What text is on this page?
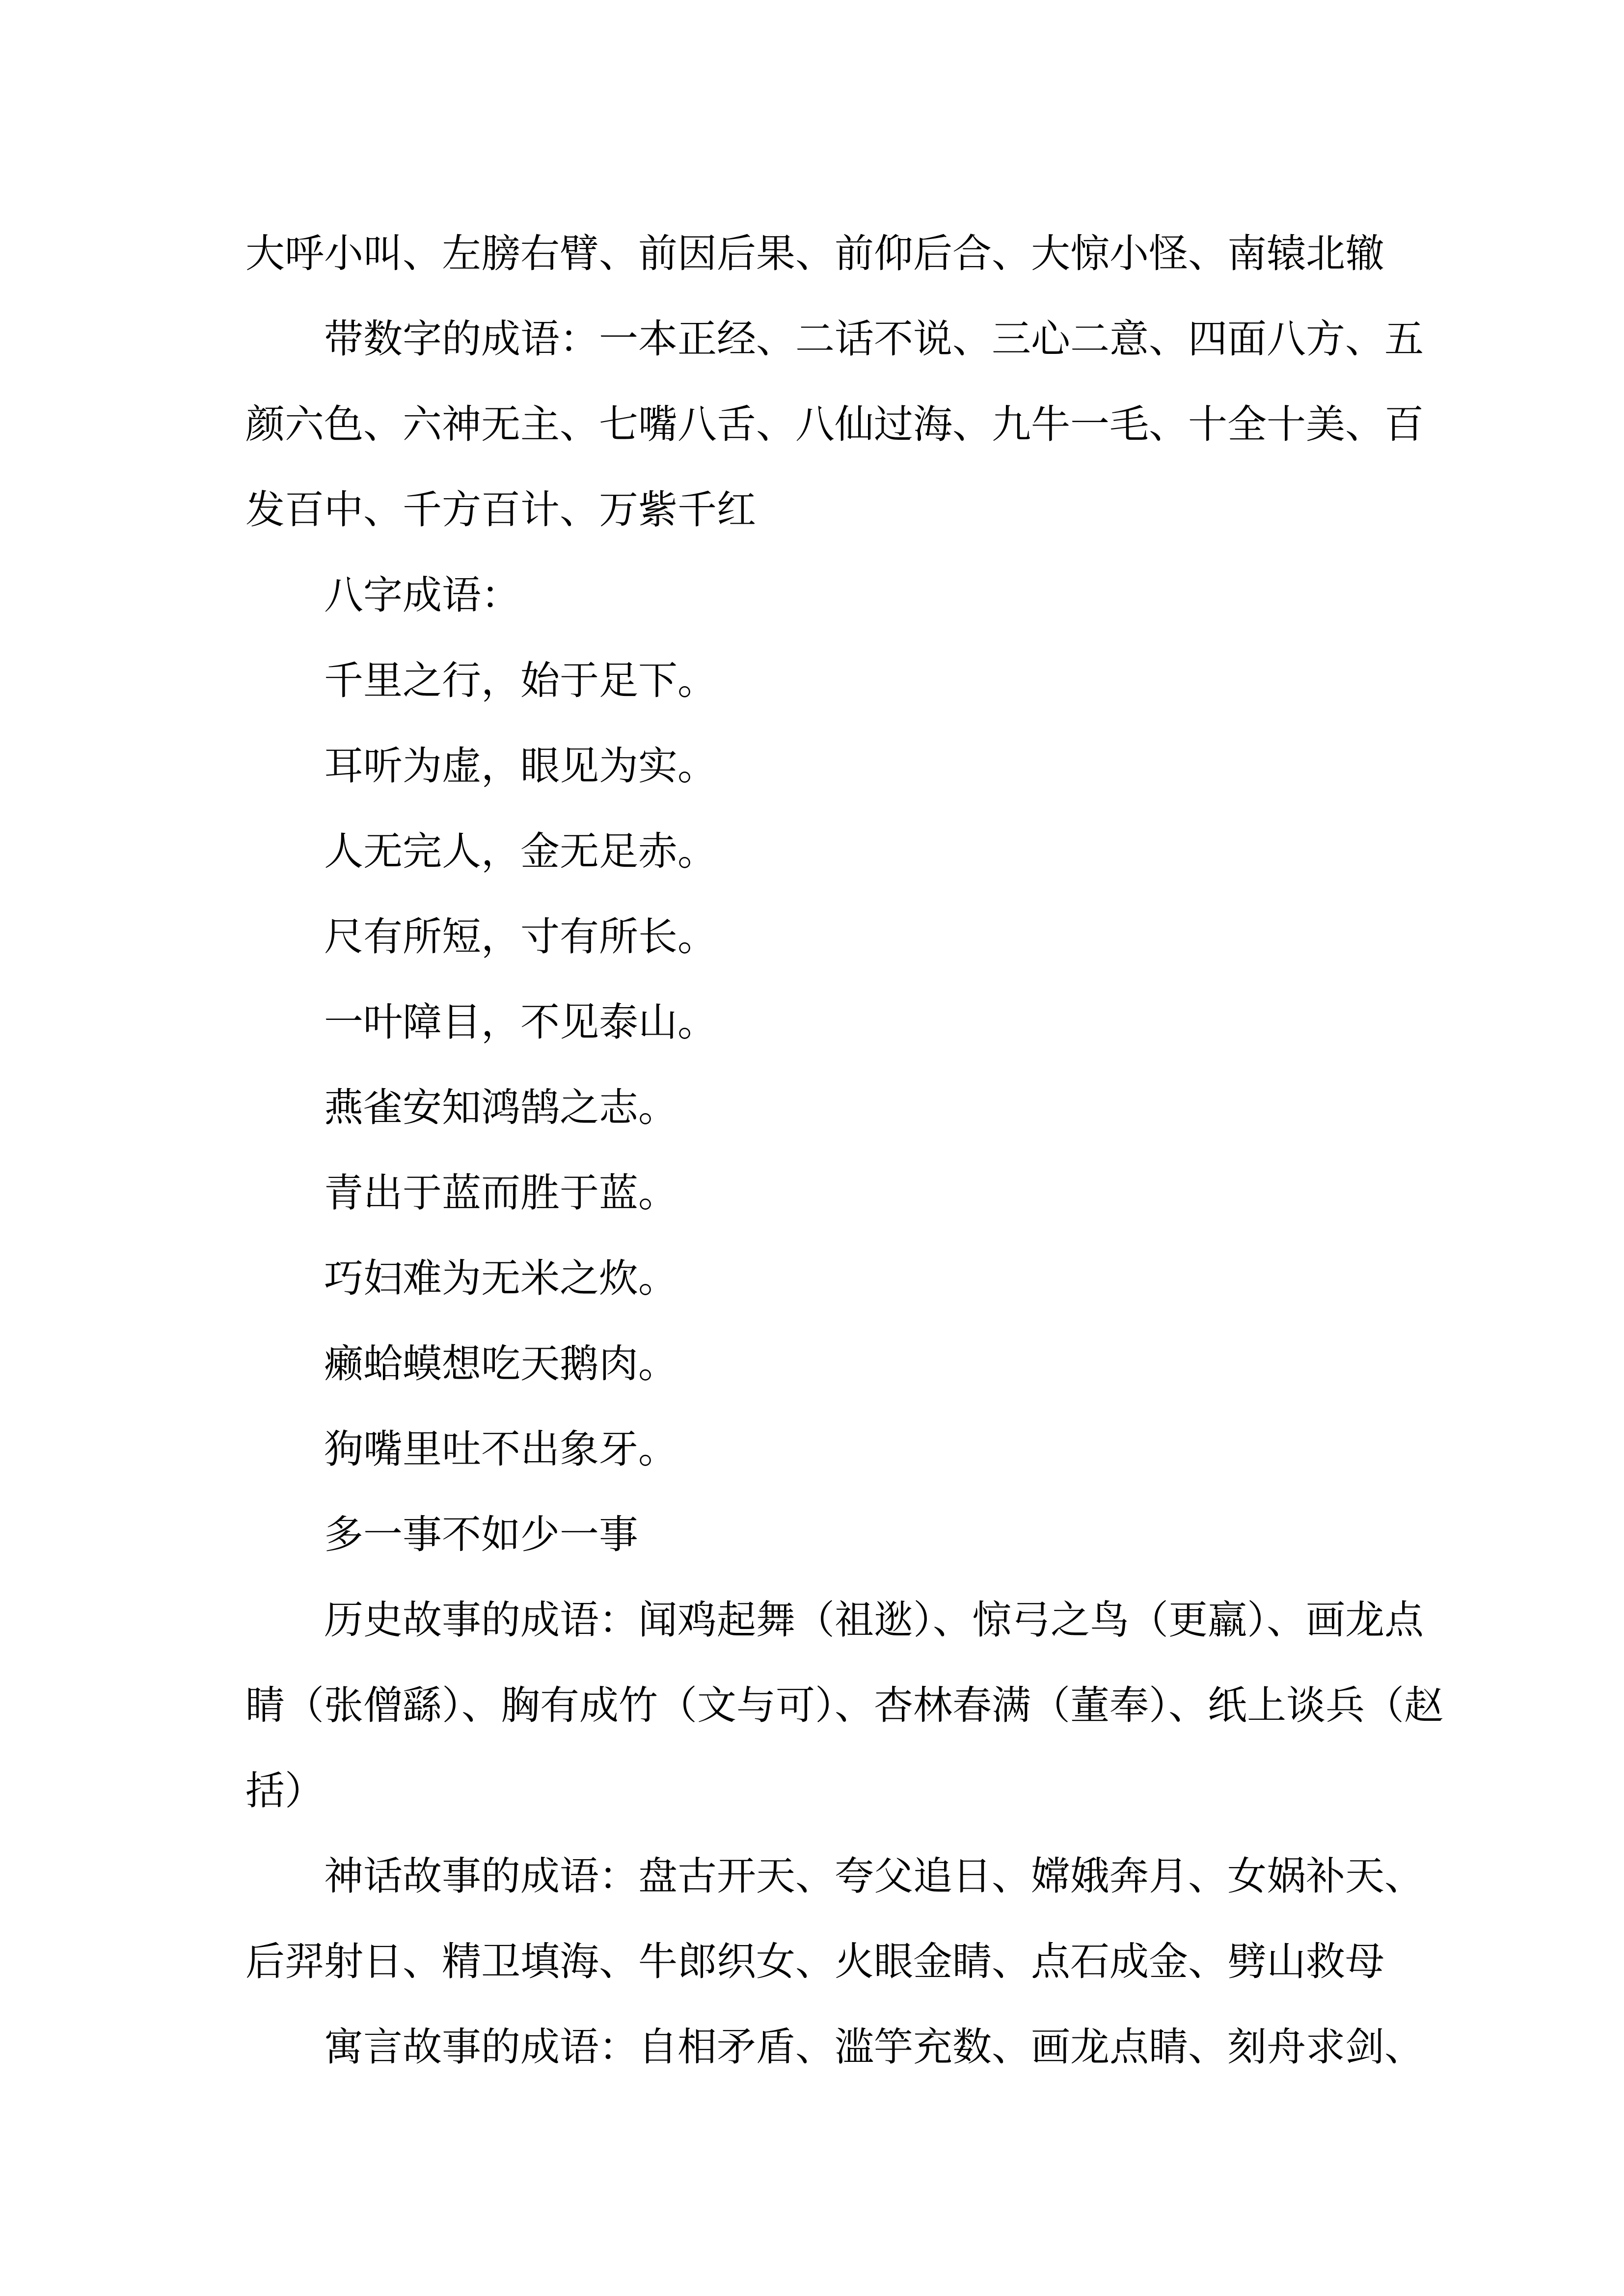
大呼小叫、左膀右臂、前因后果、前仰后合、大惊小怪、南辕北辙
带数字的成语：一本正经、二话不说、三心二意、四面八方、五
颜六色、六神无主、七嘴八舌、八仙过海、九牛一毛、十全十美、百
发百中、千方百计、万紫千红
八字成语：
千里之行，始于足下。
耳听为虚，眼见为实。
人无完人，金无足赤。
尺有所短，寸有所长。
一叶障目，不见泰山。
燕雀安知鸿鹄之志。
青出于蓝而胜于蓝。
巧妇难为无米之炊。
癞蛤蟆想吃天鹅肉。
狗嘴里吐不出象牙。
多一事不如少一事
历史故事的成语：闻鸡起舞（祖逖）、惊弓之鸟（更羸）、画龙点
睛（张僧繇）、胸有成竹（文与可）、杏林春满（董奉）、纸上谈兵（赵
括）
神话故事的成语：盘古开天、夸父追日、嫦娥奔月、女娲补天、
后羿射日、精卫填海、牛郎织女、火眼金睛、点石成金、劈山救母
寓言故事的成语：自相矛盾、滥竽充数、画龙点睛、刻舟求剑、
